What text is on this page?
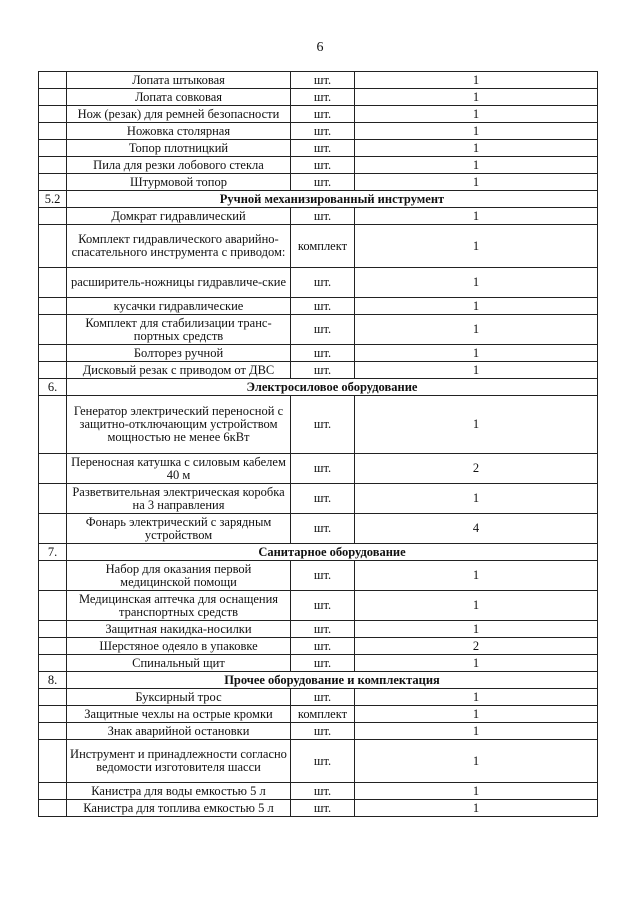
6
	Лопата штыковая	шт.	1
	Лопата совковая	шт.	1
	Нож (резак) для ремней безопасности	шт.	1
	Ножовка столярная	шт.	1
	Топор плотницкий	шт.	1
	Пила для резки лобового стекла	шт.	1
	Штурмовой топор	шт.	1
5.2	Ручной механизированный инструмент		
	Домкрат гидравлический	шт.	1
	Комплект гидравлического аварийно-спасательного инструмента с приводом:	комплект	1
	расширитель-ножницы гидравличе-ские	шт.	1
	кусачки гидравлические	шт.	1
	Комплект для стабилизации транс-портных средств	шт.	1
	Болторез ручной	шт.	1
	Дисковый резак с приводом от ДВС	шт.	1
6.	Электросиловое оборудование		
	Генератор электрический переносной с защитно-отключающим устройством мощностью не менее 6кВт	шт.	1
	Переносная катушка с силовым кабелем 40 м	шт.	2
	Разветвительная электрическая коробка на 3 направления	шт.	1
	Фонарь электрический с зарядным устройством	шт.	4
7.	Санитарное оборудование		
	Набор для оказания первой медицинской помощи	шт.	1
	Медицинская аптечка для оснащения транспортных средств	шт.	1
	Защитная накидка-носилки	шт.	1
	Шерстяное одеяло в упаковке	шт.	2
	Спинальный щит	шт.	1
8.	Прочее оборудование и комплектация		
	Буксирный трос	шт.	1
	Защитные чехлы на острые кромки	комплект	1
	Знак аварийной остановки	шт.	1
	Инструмент и принадлежности согласно ведомости изготовителя шасси	шт.	1
	Канистра для воды емкостью 5 л	шт.	1
	Канистра для топлива емкостью 5 л	шт.	1
